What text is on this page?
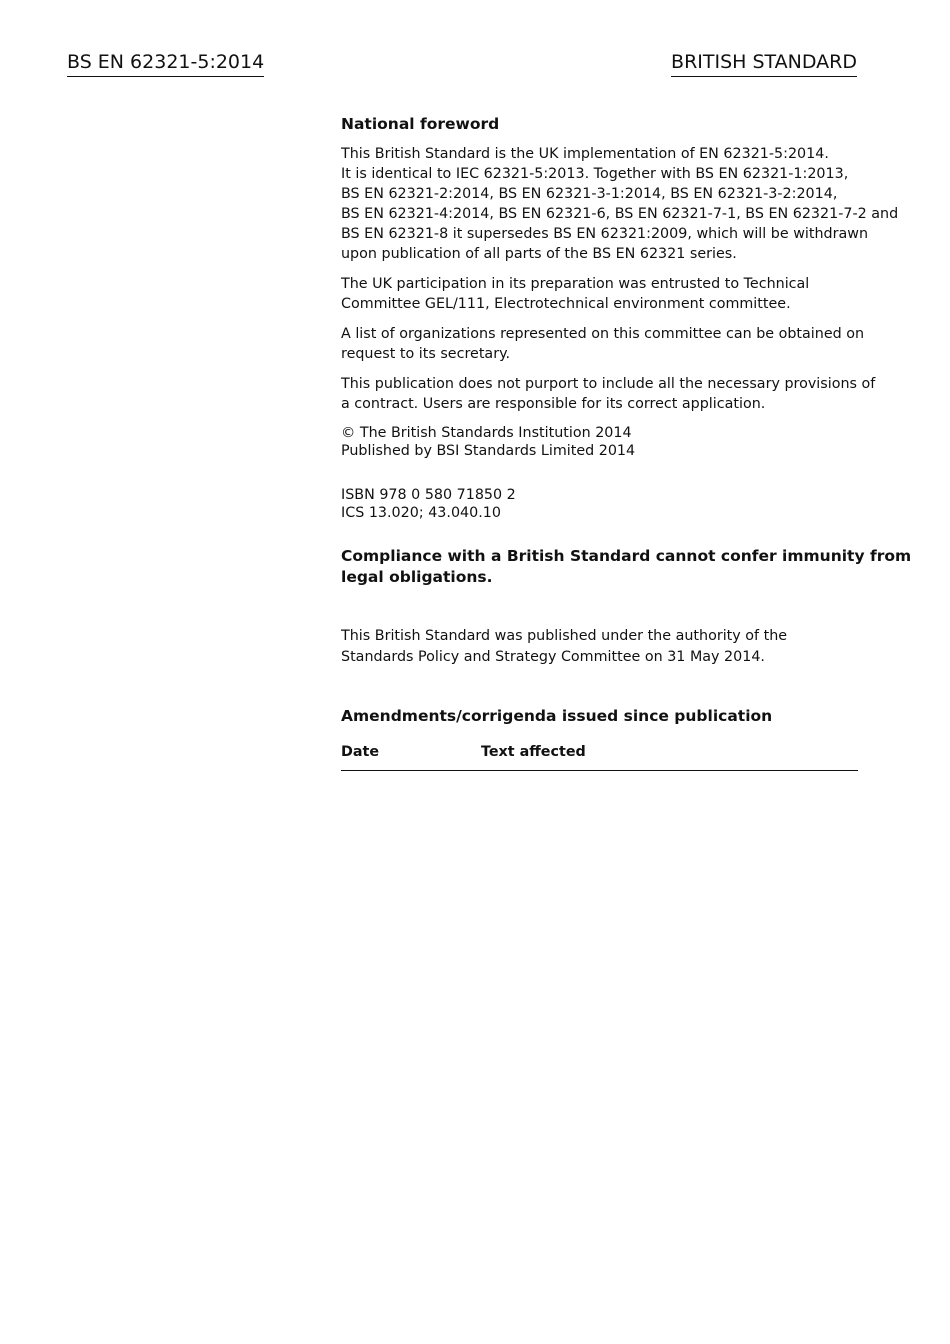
BS EN 62321-5:2014	BRITISH STANDARD
National foreword
This British Standard is the UK implementation of EN 62321-5:2014.
It is identical to IEC 62321-5:2013. Together with BS EN 62321-1:2013,
BS EN 62321-2:2014, BS EN 62321-3-1:2014, BS EN 62321-3-2:2014,
BS EN 62321-4:2014, BS EN 62321-6, BS EN 62321-7-1, BS EN 62321-7-2 and
BS EN 62321-8 it supersedes BS EN 62321:2009, which will be withdrawn
upon publication of all parts of the BS EN 62321 series.
The UK participation in its preparation was entrusted to Technical
Committee GEL/111, Electrotechnical environment committee.
A list of organizations represented on this committee can be obtained on
request to its secretary.
This publication does not purport to include all the necessary provisions of
a contract. Users are responsible for its correct application.
© The British Standards Institution 2014
Published by BSI Standards Limited 2014
ISBN 978 0 580 71850 2
ICS 13.020; 43.040.10
Compliance with a British Standard cannot confer immunity from
legal obligations.
This British Standard was published under the authority of the
Standards Policy and Strategy Committee on 31 May 2014.
Amendments/corrigenda issued since publication
Date	Text affected
